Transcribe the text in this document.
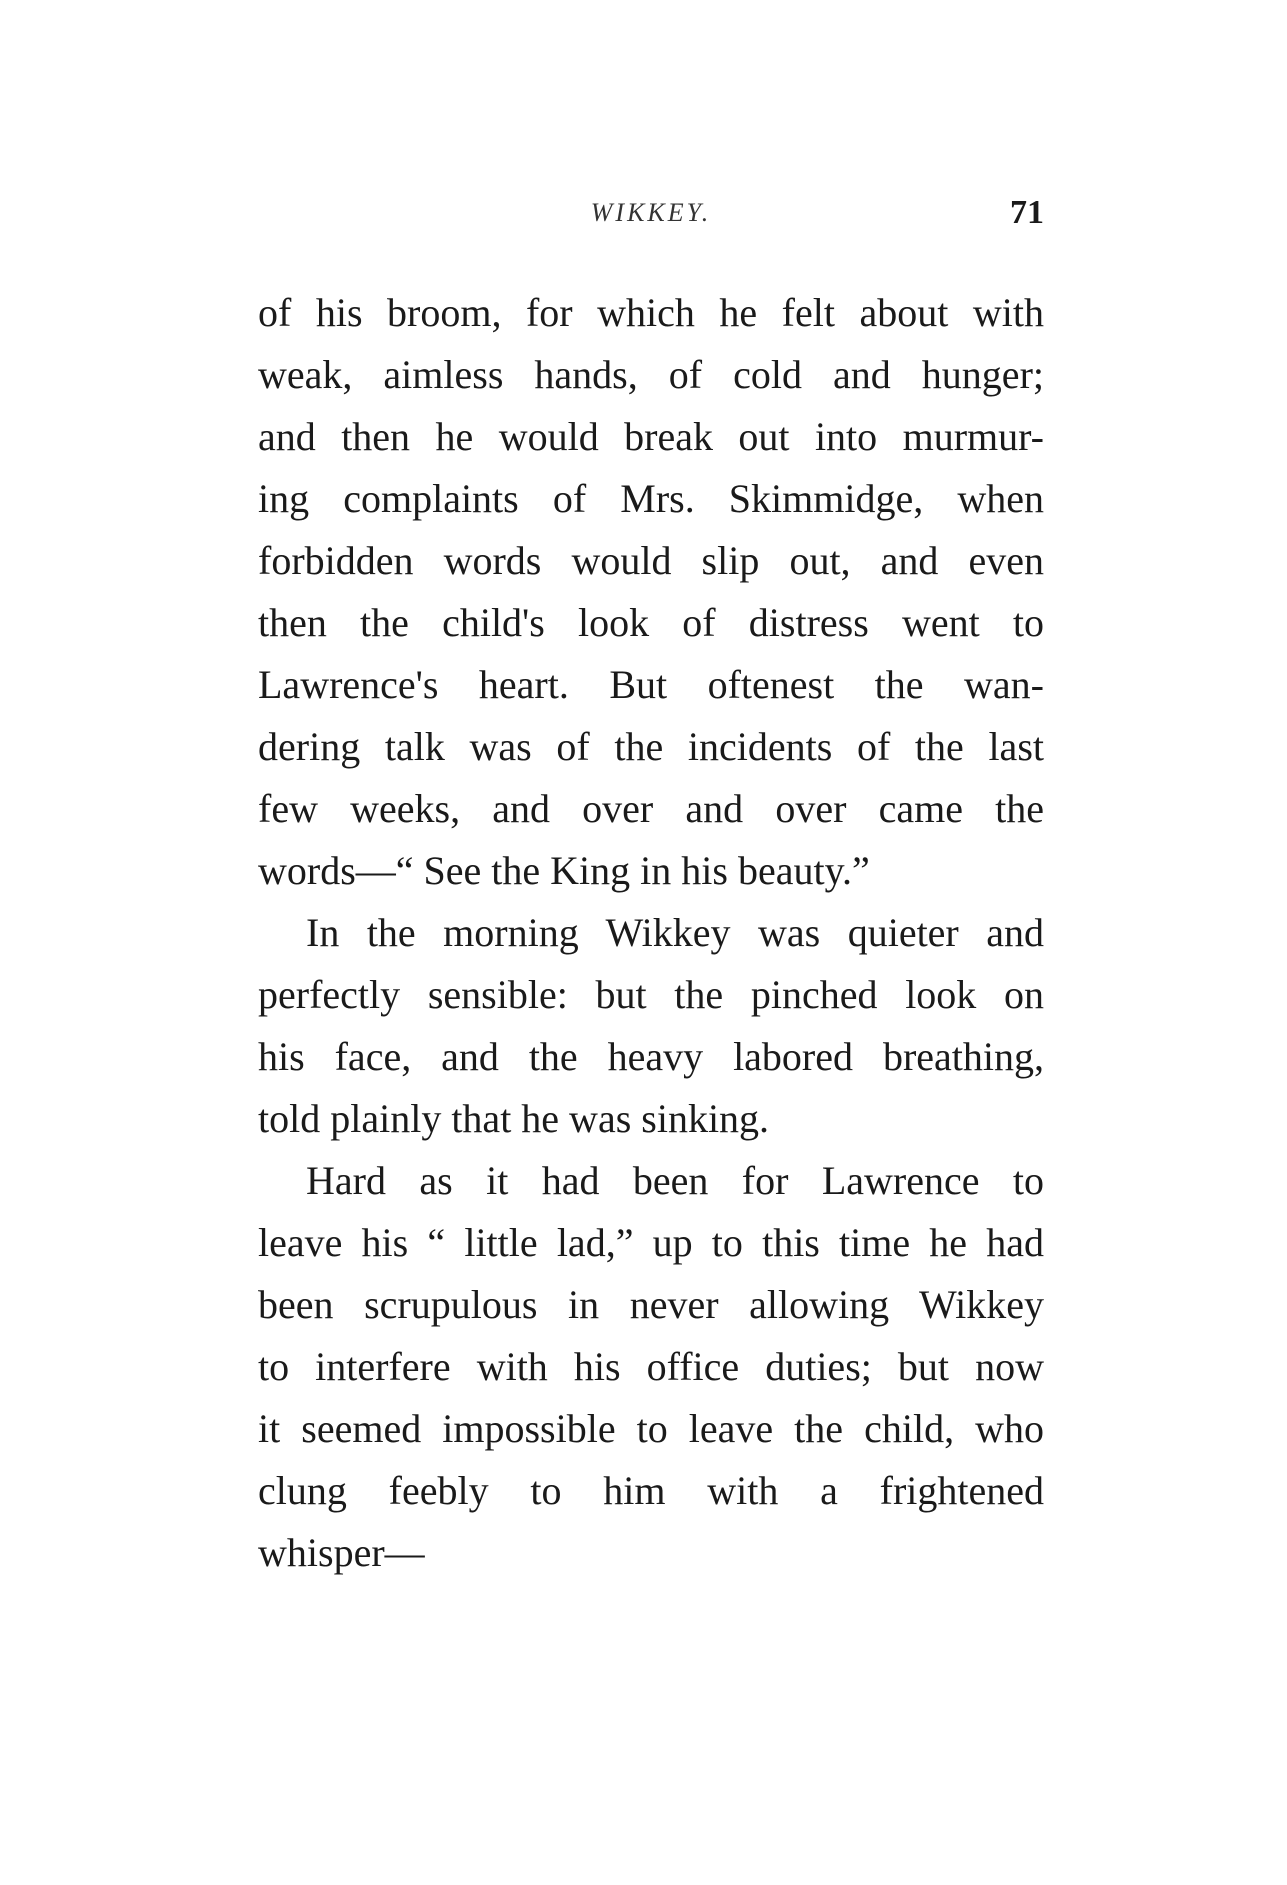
WIKKEY.	71
of his broom, for which he felt about with
weak, aimless hands, of cold and hunger;
and then he would break out into murmur-
ing complaints of Mrs. Skimmidge, when
forbidden words would slip out, and even
then the child's look of distress went to
Lawrence's heart. But oftenest the wan-
dering talk was of the incidents of the last
few weeks, and over and over came the
words—“ See the King in his beauty.”
In the morning Wikkey was quieter and
perfectly sensible: but the pinched look on
his face, and the heavy labored breathing,
told plainly that he was sinking.
Hard as it had been for Lawrence to
leave his “ little lad,” up to this time he had
been scrupulous in never allowing Wikkey
to interfere with his office duties; but now
it seemed impossible to leave the child, who
clung feebly to him with a frightened
whisper—
